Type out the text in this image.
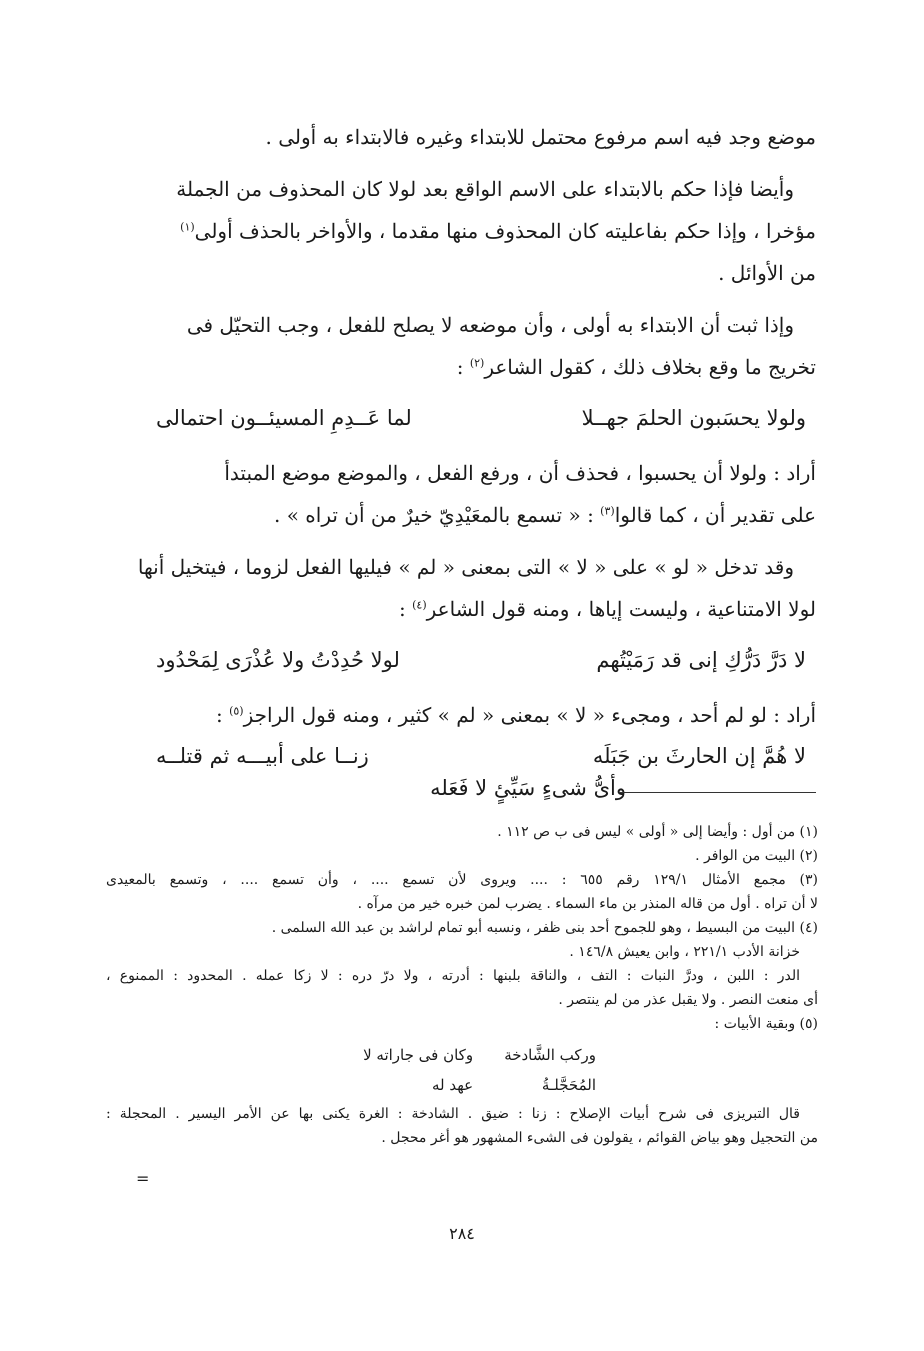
موضع وجد فيه اسم مرفوع محتمل للابتداء وغيره فالابتداء به أولى .

وأيضا فإذا حكم بالابتداء على الاسم الواقع بعد لولا كان المحذوف من الجملة
مؤخرا ، وإذا حكم بفاعليته كان المحذوف منها مقدما ، والأواخر بالحذف أولى$^{(١)}$
من الأوائل .

وإذا ثبت أن الابتداء به أولى ، وأن موضعه لا يصلح للفعل ، وجب التحيّل فى
تخريج ما وقع بخلاف ذلك ، كقول الشاعر$^{(٢)}$ :

ولولا يحسَبون الحلمَ جهــلا
لما عَــدِمِ المسيئــون احتمالى

أراد : ولولا أن يحسبوا ، فحذف أن ، ورفع الفعل ، والموضع موضع المبتدأ
على تقدير أن ، كما قالوا$^{(٣)}$ : « تسمع بالمعَيْدِيّ خيرٌ من أن تراه » .

وقد تدخل « لو » على « لا » التى بمعنى « لم » فيليها الفعل لزوما ، فيتخيل أنها
لولا الامتناعية ، وليست إياها ، ومنه قول الشاعر$^{(٤)}$ :

لا دَرَّ دَرُّكِ إنى قد رَمَيْتُهم
لولا حُدِدْتُ ولا عُذْرَى لِمَحْدُود

أراد : لو لم أحد ، ومجىء « لا » بمعنى « لم » كثير ، ومنه قول الراجز$^{(٥)}$ :

لا هُمَّ إن الحارثَ بن جَبَلَه
زنــا على أبيـــه ثم قتلــه
وأىُّ شىءٍ سَيِّئٍ لا فَعَله

(١) من أول : وأيضا إلى « أولى » ليس فى ب ص ١١٢ .

(٢) البيت من الوافر .

(٣) مجمع الأمثال ١٢٩/١ رقم ٦٥٥ : .... ويروى لأن تسمع .... ، وأن تسمع .... ، وتسمع بالمعيدى

لا أن تراه . أول من قاله المنذر بن ماء السماء . يضرب لمن خبره خير من مرآه .

(٤) البيت من البسيط ، وهو للجموح أحد بنى ظفر ، ونسبه أبو تمام لراشد بن عبد الله السلمى .

خزانة الأدب ٢٢١/١ ، وابن يعيش ١٤٦/٨ .

الدر : اللبن ، ودرَّ النبات : التف ، والناقة بلبنها : أدرته ، ولا درّ دره : لا زكا عمله . المحدود : الممنوع ،

أى منعت النصر . ولا يقبل عذر من لم ينتصر .

(٥) وبقية الأبيات :

وركب الشَّادخة المُحَجَّلـةُ
وكان فى جاراته لا عهد له

قال التبريزى فى شرح أبيات الإصلاح : زنا : ضيق . الشادخة : الغرة يكنى بها عن الأمر اليسير . المحجلة :

من التحجيل وهو بياض القوائم ، يقولون فى الشىء المشهور هو أغر محجل .

=
٢٨٤
